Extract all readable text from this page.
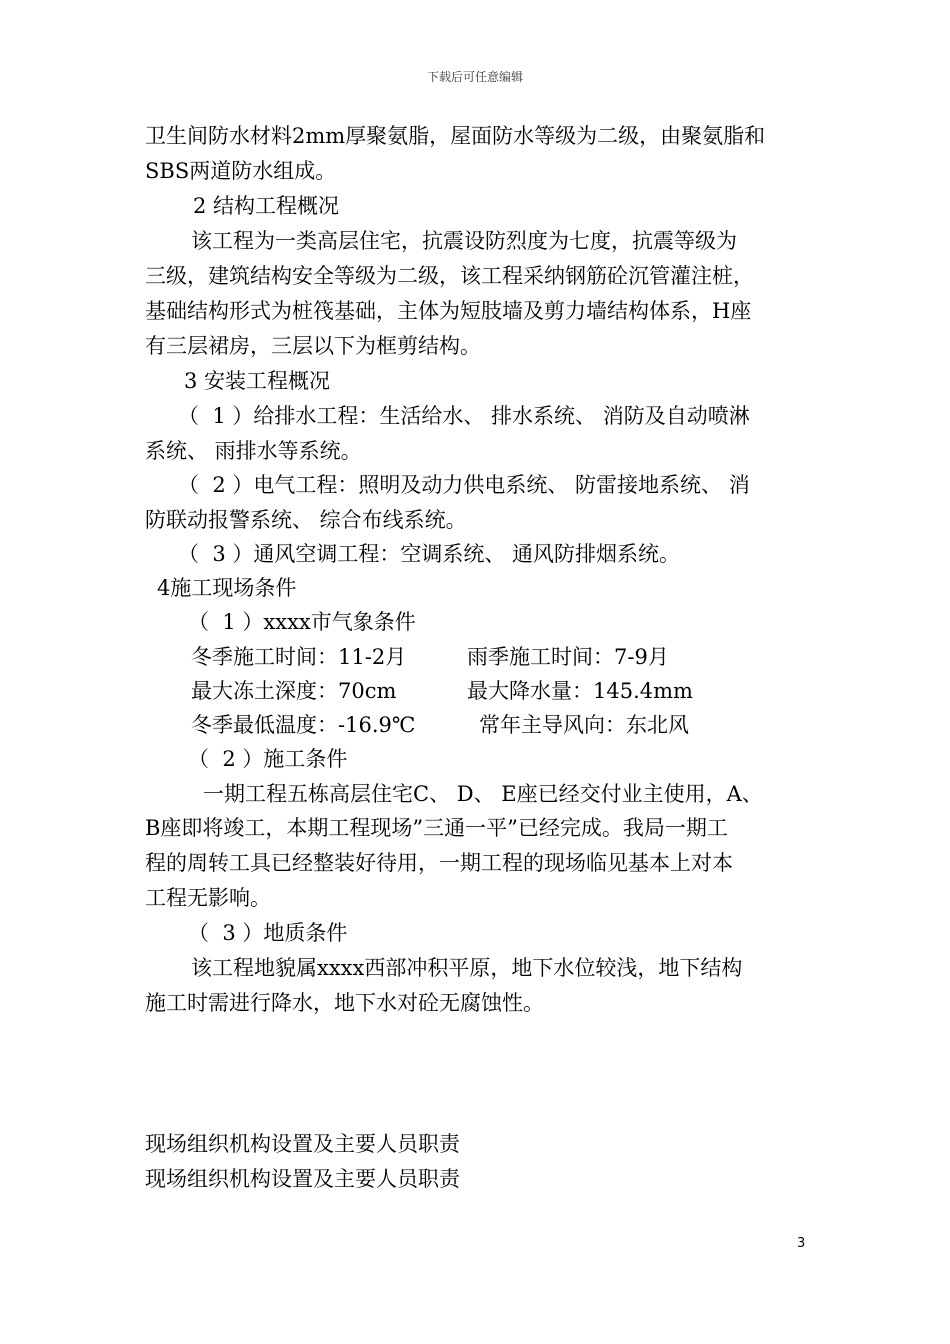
下载后可任意编辑
卫生间防水材料2mm厚聚氨脂，屋面防水等级为二级，由聚氨脂和
SBS两道防水组成。
2 结构工程概况
该工程为一类高层住宅，抗震设防烈度为七度，抗震等级为
三级，建筑结构安全等级为二级，该工程采纳钢筋砼沉管灌注桩，
基础结构形式为桩筏基础，主体为短肢墙及剪力墙结构体系，H座
有三层裙房，三层以下为框剪结构。
3 安装工程概况
（  1 ）给排水工程：生活给水、 排水系统、 消防及自动喷淋
系统、 雨排水等系统。
（  2 ）电气工程：照明及动力供电系统、 防雷接地系统、 消
防联动报警系统、 综合布线系统。
（  3 ）通风空调工程：空调系统、 通风防排烟系统。
4施工现场条件
（  1 ）xxxx市气象条件
冬季施工时间：11-2月	雨季施工时间：7-9月
最大冻土深度：70cm	最大降水量：145.4mm
冬季最低温度：-16.9℃	常年主导风向：东北风
（  2 ）施工条件
一期工程五栋高层住宅C、 D、 E座已经交付业主使用，A、
B座即将竣工，本期工程现场”三通一平”已经完成。我局一期工
程的周转工具已经整装好待用，一期工程的现场临见基本上对本
工程无影响。
（  3 ）地质条件
该工程地貌属xxxx西部冲积平原，地下水位较浅，地下结构
施工时需进行降水，地下水对砼无腐蚀性。
现场组织机构设置及主要人员职责
现场组织机构设置及主要人员职责
3
